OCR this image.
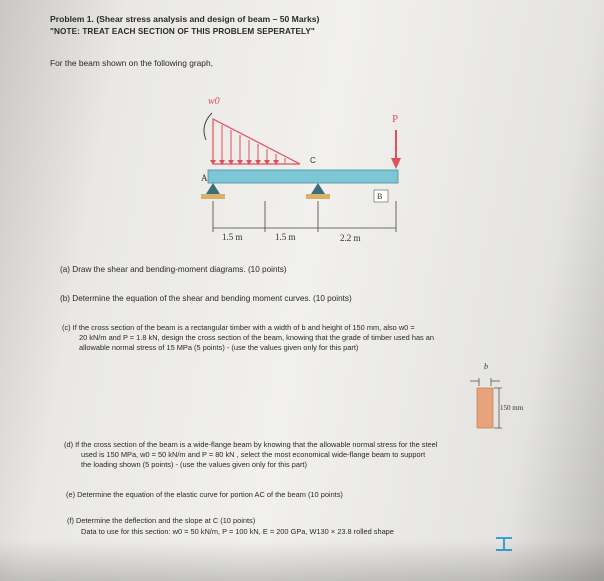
Problem 1. (Shear stress analysis and design of beam – 50 Marks)
"NOTE: TREAT EACH SECTION OF THIS PROBLEM SEPERATELY"
For the beam shown on the following graph,
w0
P
C
A
B
1.5 m	1.5 m	2.2 m
b
150 mm
(a) Draw the shear and bending-moment diagrams. (10 points)
(b) Determine the equation of the shear and bending moment curves. (10 points)
(c) If the cross section of the beam is a rectangular timber with a width of b and height of 150 mm, also w0 =
20 kN/m and P = 1.8 kN, design the cross section of the beam, knowing that the grade of timber used has an
allowable normal stress of 15 MPa (5 points) - (use the values given only for this part)
(d) If the cross section of the beam is a wide-flange beam by knowing that the allowable normal stress for the steel
used is 150 MPa, w0 = 50 kN/m and P = 80 kN , select the most economical wide-flange beam to support
the loading shown (5 points) - (use the values given only for this part)
(e) Determine the equation of the elastic curve for portion AC of the beam (10 points)
(f) Determine the deflection and the slope at C (10 points)
Data to use for this section: w0 = 50 kN/m, P = 100 kN, E = 200 GPa, W130 × 23.8 rolled shape
